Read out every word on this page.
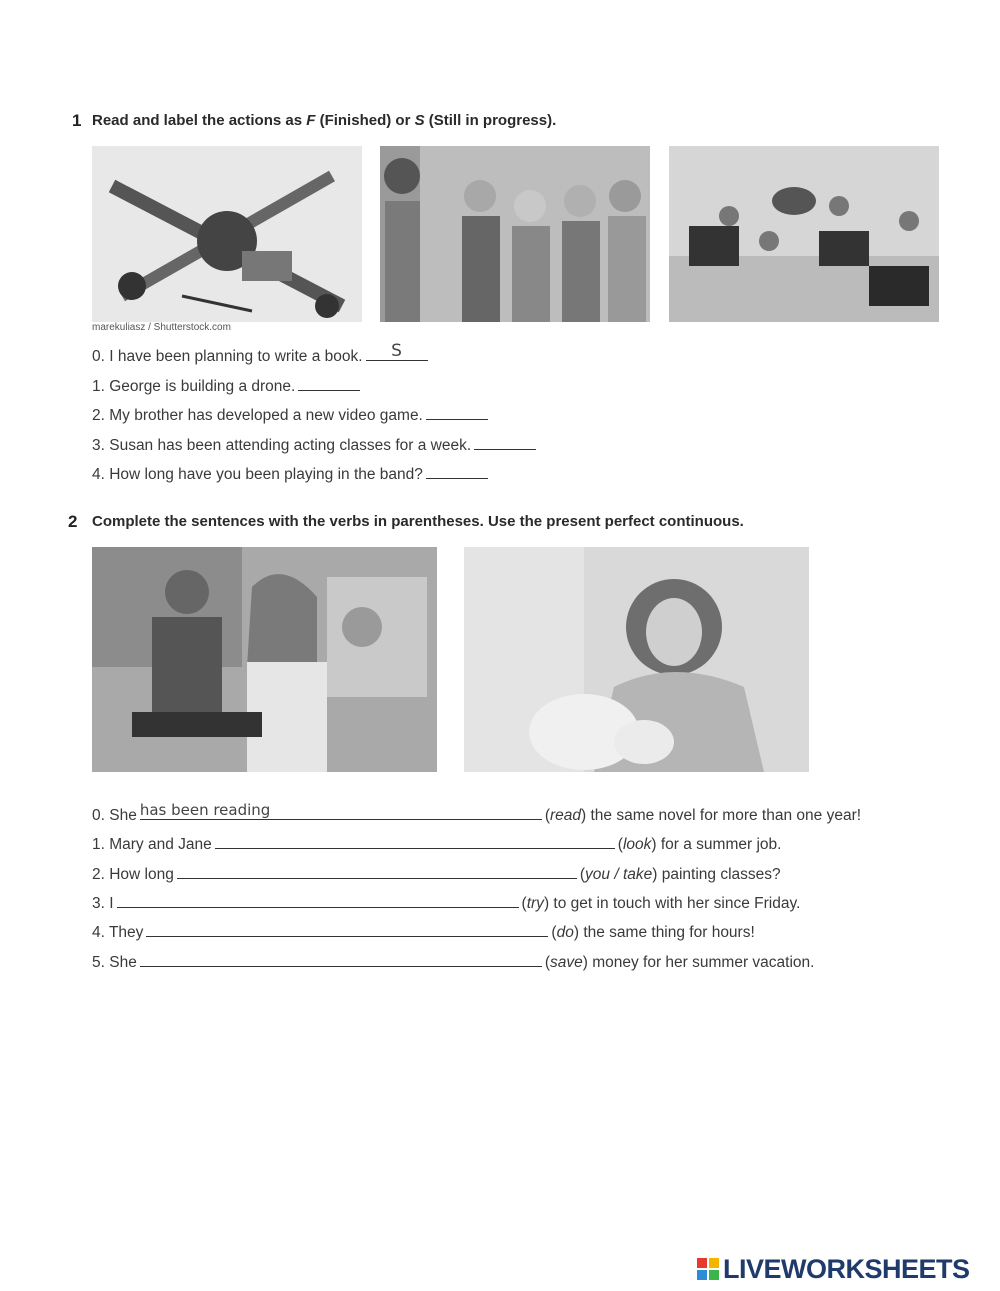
1 Read and label the actions as F (Finished) or S (Still in progress).
marekuliasz / Shutterstock.com
0. I have been planning to write a book.	S
1. George is building a drone.
2. My brother has developed a new video game.
3. Susan has been attending acting classes for a week.
4. How long have you been playing in the band?
2 Complete the sentences with the verbs in parentheses. Use the present perfect continuous.
0. She has been reading	(read) the same novel for more than one year!
1. Mary and Jane	(look) for a summer job.
2. How long	(you / take) painting classes?
3. I	(try) to get in touch with her since Friday.
4. They	(do) the same thing for hours!
5. She	(save) money for her summer vacation.
LIVEWORKSHEETS
